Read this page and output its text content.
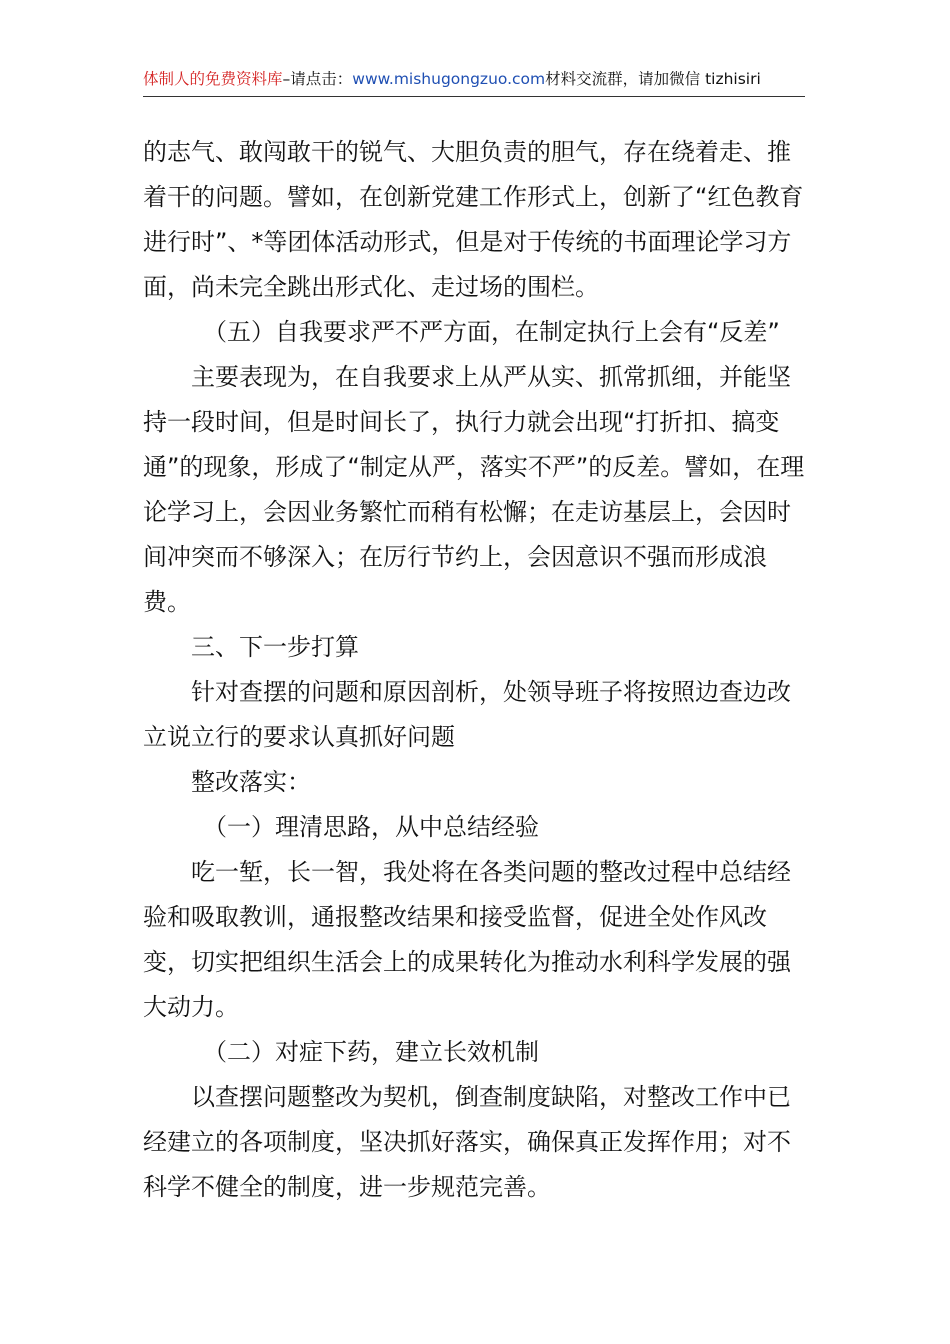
体制人的免费资料库–请点击：www.mishugongzuo.com材料交流群，请加微信 tizhisiri

的志气、敢闯敢干的锐气、大胆负责的胆气，存在绕着走、推着干的问题。譬如，在创新党建工作形式上，创新了“红色教育进行时”、*等团体活动形式，但是对于传统的书面理论学习方面，尚未完全跳出形式化、走过场的围栏。

（五）自我要求严不严方面，在制定执行上会有“反差”

主要表现为，在自我要求上从严从实、抓常抓细，并能坚持一段时间，但是时间长了，执行力就会出现“打折扣、搞变通”的现象，形成了“制定从严，落实不严”的反差。譬如，在理论学习上，会因业务繁忙而稍有松懈；在走访基层上，会因时间冲突而不够深入；在厉行节约上，会因意识不强而形成浪费。

三、下一步打算

针对查摆的问题和原因剖析，处领导班子将按照边查边改立说立行的要求认真抓好问题

整改落实：

（一）理清思路，从中总结经验

吃一堑，长一智，我处将在各类问题的整改过程中总结经验和吸取教训，通报整改结果和接受监督，促进全处作风改变，切实把组织生活会上的成果转化为推动水利科学发展的强大动力。

（二）对症下药，建立长效机制

以查摆问题整改为契机，倒查制度缺陷，对整改工作中已经建立的各项制度，坚决抓好落实，确保真正发挥作用；对不科学不健全的制度，进一步规范完善。
